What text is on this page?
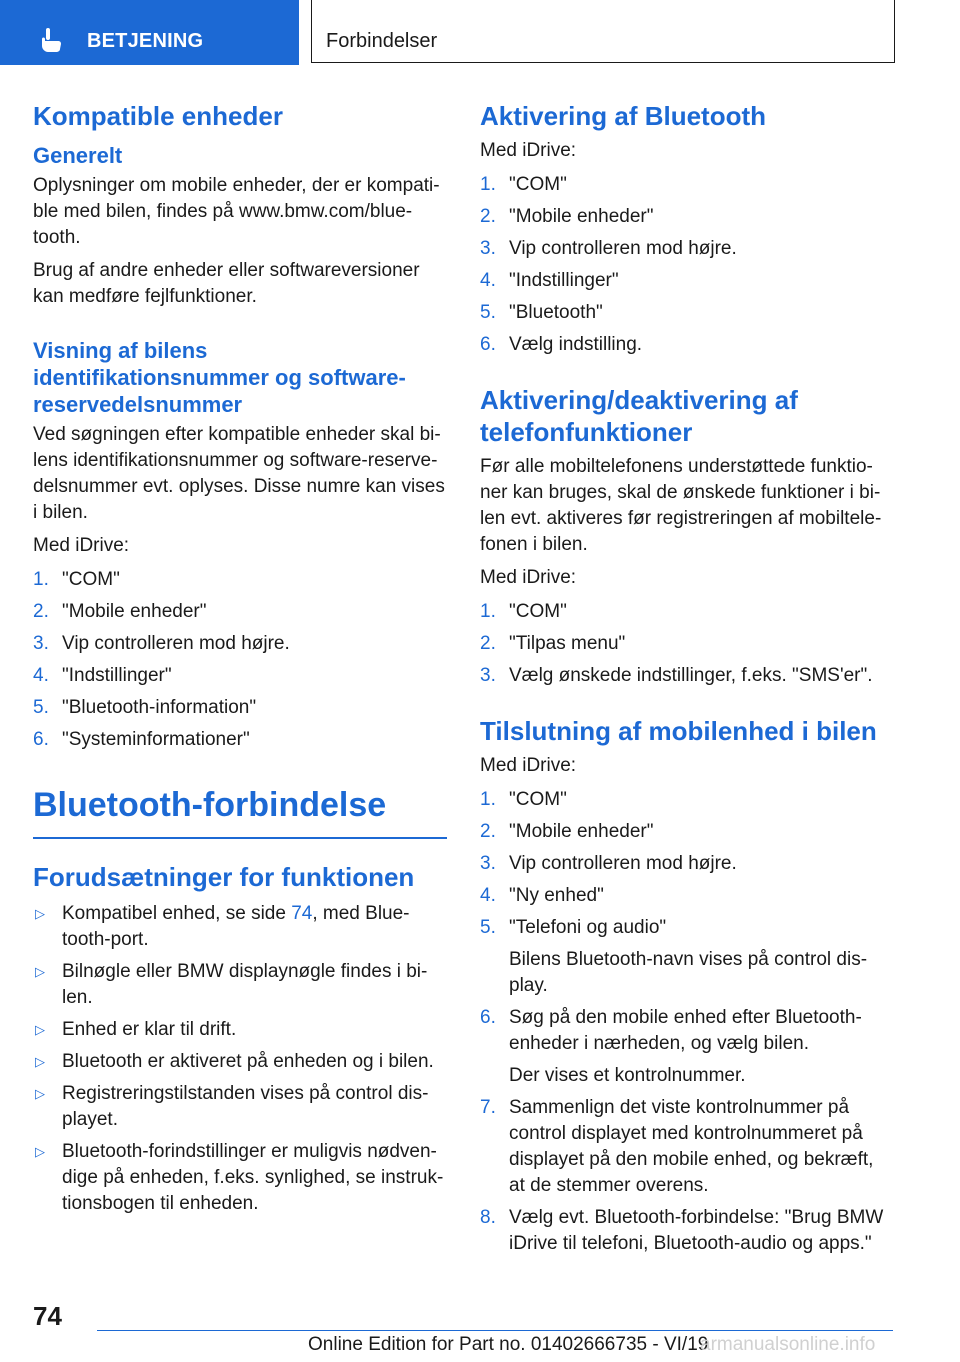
BETJENING	Forbindelser
Kompatible enheder
Generelt

Oplysninger om mobile enheder, der er kompati-ble med bilen, findes på www.bmw.com/blue-tooth.

Brug af andre enheder eller softwareversioner kan medføre fejlfunktioner.

Visning af bilens identifikationsnummer og software-reservedelsnummer

Ved søgningen efter kompatible enheder skal bi-lens identifikationsnummer og software-reserve-delsnummer evt. oplyses. Disse numre kan vises i bilen.

Med iDrive:

1. "COM"
2. "Mobile enheder"
3. Vip controlleren mod højre.
4. "Indstillinger"
5. "Bluetooth-information"
6. "Systeminformationer"
Bluetooth-forbindelse
Forudsætninger for funktionen
▷ Kompatibel enhed, se side 74, med Blue-tooth-port.
▷ Bilnøgle eller BMW displaynøgle findes i bi-len.
▷ Enhed er klar til drift.
▷ Bluetooth er aktiveret på enheden og i bilen.
▷ Registreringstilstanden vises på control dis-playet.
▷ Bluetooth-forindstillinger er muligvis nødven-dige på enheden, f.eks. synlighed, se instruk-tionsbogen til enheden.
Aktivering af Bluetooth

Med iDrive:

1. "COM"
2. "Mobile enheder"
3. Vip controlleren mod højre.
4. "Indstillinger"
5. "Bluetooth"
6. Vælg indstilling.
Aktivering/deaktivering af telefonfunktioner

Før alle mobiltelefonens understøttede funktio-ner kan bruges, skal de ønskede funktioner i bi-len evt. aktiveres før registreringen af mobiltele-fonen i bilen.

Med iDrive:

1. "COM"
2. "Tilpas menu"
3. Vælg ønskede indstillinger, f.eks. "SMS'er".
Tilslutning af mobilenhed i bilen

Med iDrive:

1. "COM"
2. "Mobile enheder"
3. Vip controlleren mod højre.
4. "Ny enhed"
5. "Telefoni og audio"
Bilens Bluetooth-navn vises på control dis-play.
6. Søg på den mobile enhed efter Bluetooth-enheder i nærheden, og vælg bilen.
Der vises et kontrolnummer.
7. Sammenlign det viste kontrolnummer på control displayet med kontrolnummeret på displayet på den mobile enhed, og bekræft, at de stemmer overens.
8. Vælg evt. Bluetooth-forbindelse: "Brug BMW iDrive til telefoni, Bluetooth-audio og apps."
74
Online Edition for Part no. 01402666735 - VI/19
armanualsonline.info
